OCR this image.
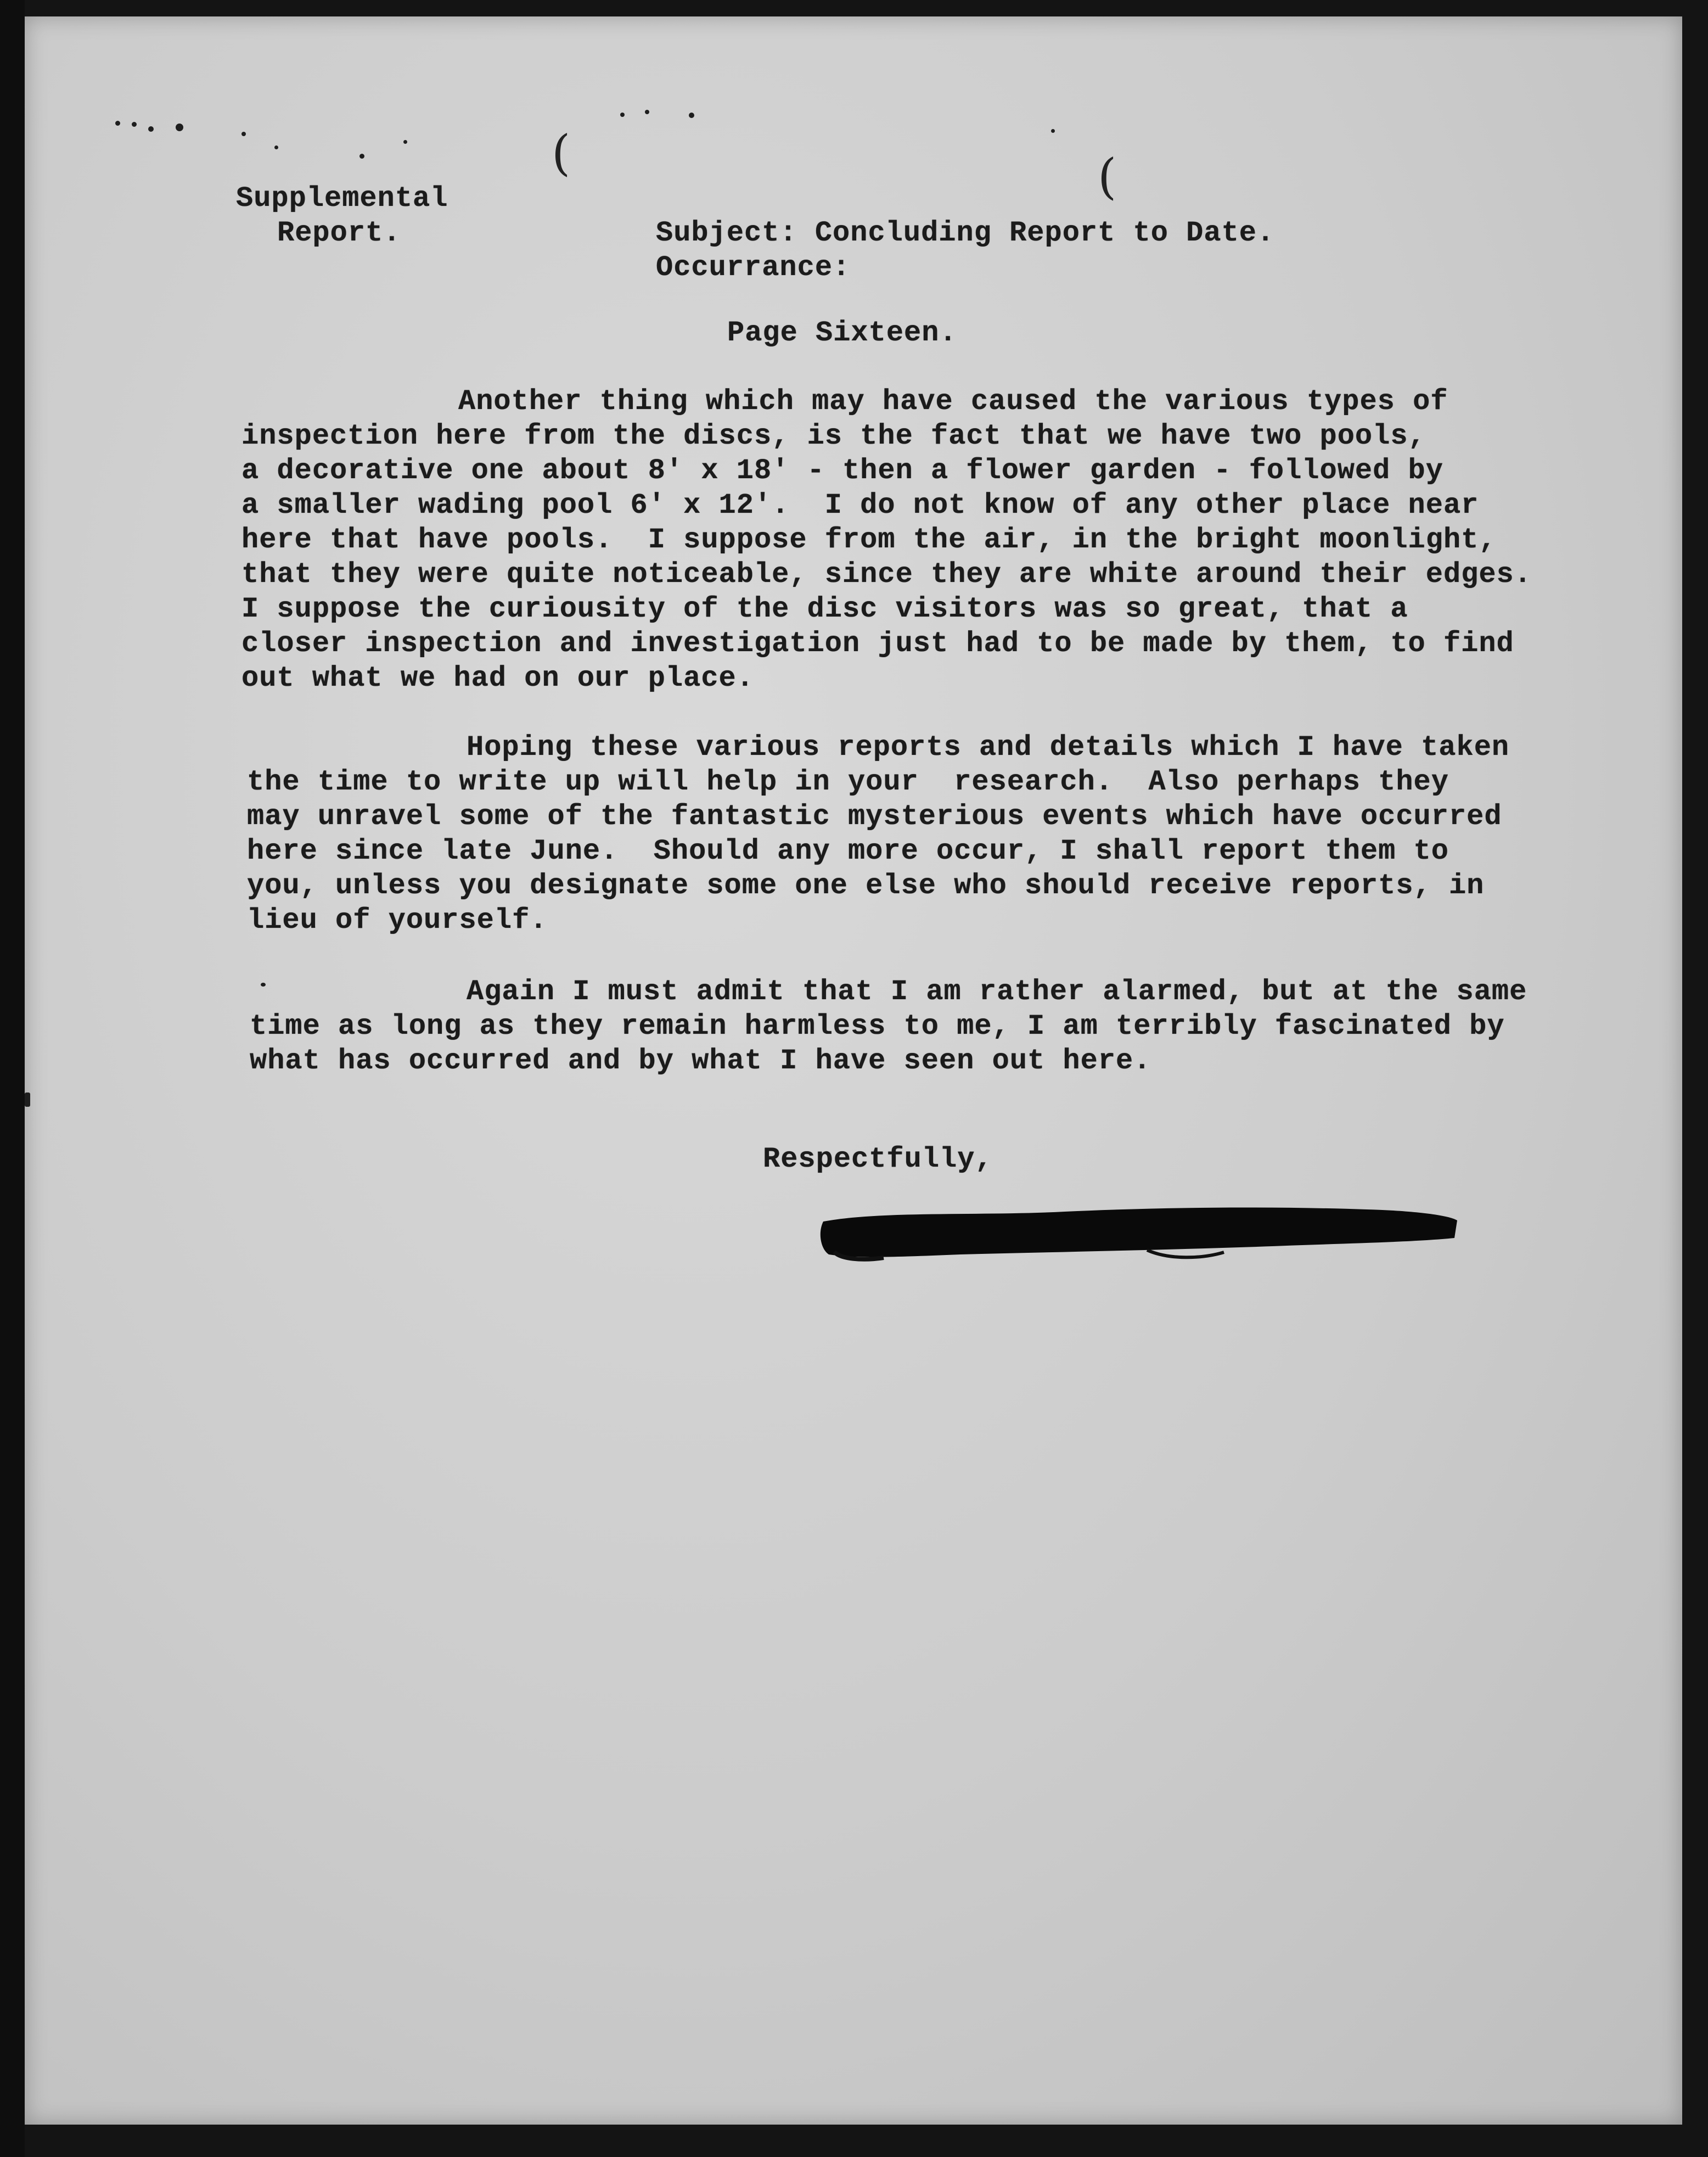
(	(
Supplemental
Report.	Subject: Concluding Report to Date.
Occurrance:
Page Sixteen.
Another thing which may have caused the various types of
inspection here from the discs, is the fact that we have two pools,
a decorative one about 8' x 18' - then a flower garden - followed by
a smaller wading pool 6' x 12'.  I do not know of any other place near
here that have pools.  I suppose from the air, in the bright moonlight,
that they were quite noticeable, since they are white around their edges.
I suppose the curiousity of the disc visitors was so great, that a
closer inspection and investigation just had to be made by them, to find
out what we had on our place.
Hoping these various reports and details which I have taken
the time to write up will help in your  research.  Also perhaps they
may unravel some of the fantastic mysterious events which have occurred
here since late June.  Should any more occur, I shall report them to
you, unless you designate some one else who should receive reports, in
lieu of yourself.
Again I must admit that I am rather alarmed, but at the same
time as long as they remain harmless to me, I am terribly fascinated by
what has occurred and by what I have seen out here.
Respectfully,
